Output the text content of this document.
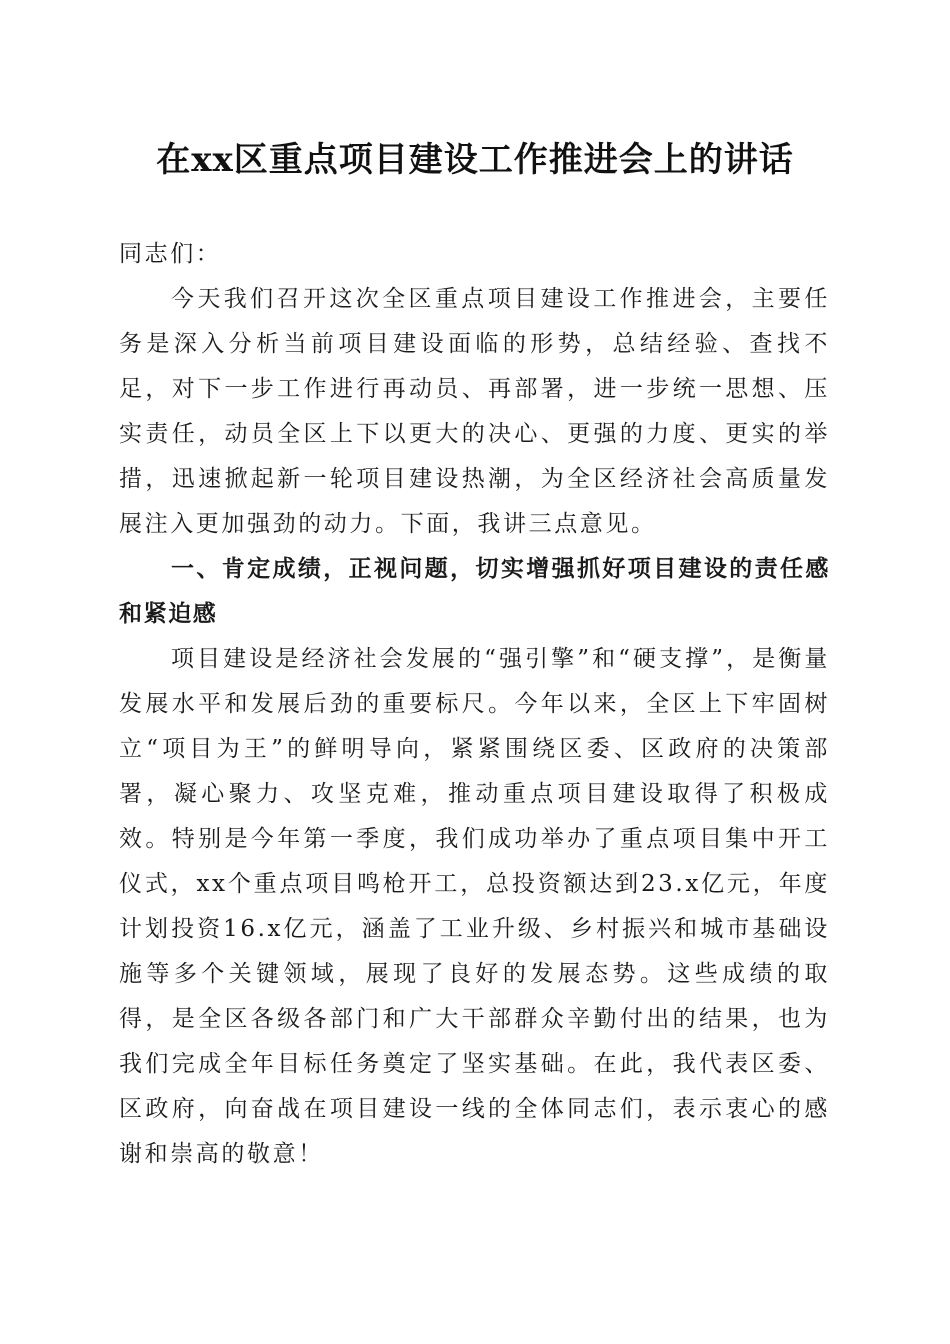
在xx区重点项目建设工作推进会上的讲话

同志们：

今天我们召开这次全区重点项目建设工作推进会，主要任务是深入分析当前项目建设面临的形势，总结经验、查找不足，对下一步工作进行再动员、再部署，进一步统一思想、压实责任，动员全区上下以更大的决心、更强的力度、更实的举措，迅速掀起新一轮项目建设热潮，为全区经济社会高质量发展注入更加强劲的动力。下面，我讲三点意见。

一、肯定成绩，正视问题，切实增强抓好项目建设的责任感和紧迫感

项目建设是经济社会发展的“强引擎”和“硬支撑”，是衡量发展水平和发展后劲的重要标尺。今年以来，全区上下牢固树立“项目为王”的鲜明导向，紧紧围绕区委、区政府的决策部署，凝心聚力、攻坚克难，推动重点项目建设取得了积极成效。特别是今年第一季度，我们成功举办了重点项目集中开工仪式，xx个重点项目鸣枪开工，总投资额达到23.x亿元，年度计划投资16.x亿元，涵盖了工业升级、乡村振兴和城市基础设施等多个关键领域，展现了良好的发展态势。这些成绩的取得，是全区各级各部门和广大干部群众辛勤付出的结果，也为我们完成全年目标任务奠定了坚实基础。在此，我代表区委、区政府，向奋战在项目建设一线的全体同志们，表示衷心的感谢和崇高的敬意！
